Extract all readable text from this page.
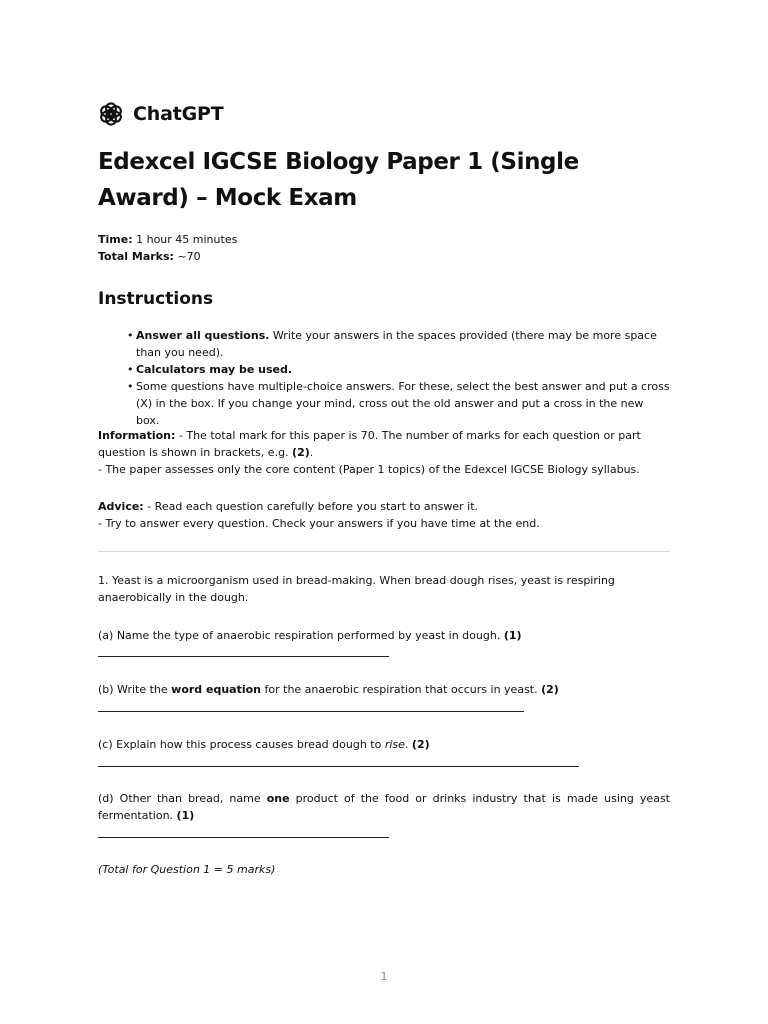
ChatGPT
Edexcel IGCSE Biology Paper 1 (Single Award) – Mock Exam
Time: 1 hour 45 minutes
Total Marks: ~70
Instructions
• Answer all questions. Write your answers in the spaces provided (there may be more space than you need).
• Calculators may be used.
• Some questions have multiple-choice answers. For these, select the best answer and put a cross (X) in the box. If you change your mind, cross out the old answer and put a cross in the new box.
Information: - The total mark for this paper is 70. The number of marks for each question or part question is shown in brackets, e.g. (2).
- The paper assesses only the core content (Paper 1 topics) of the Edexcel IGCSE Biology syllabus.
Advice: - Read each question carefully before you start to answer it.
- Try to answer every question. Check your answers if you have time at the end.
1. Yeast is a microorganism used in bread-making. When bread dough rises, yeast is respiring anaerobically in the dough.
(a) Name the type of anaerobic respiration performed by yeast in dough. (1)
(b) Write the word equation for the anaerobic respiration that occurs in yeast. (2)
(c) Explain how this process causes bread dough to rise. (2)
(d) Other than bread, name one product of the food or drinks industry that is made using yeast fermentation. (1)
(Total for Question 1 = 5 marks)
1
